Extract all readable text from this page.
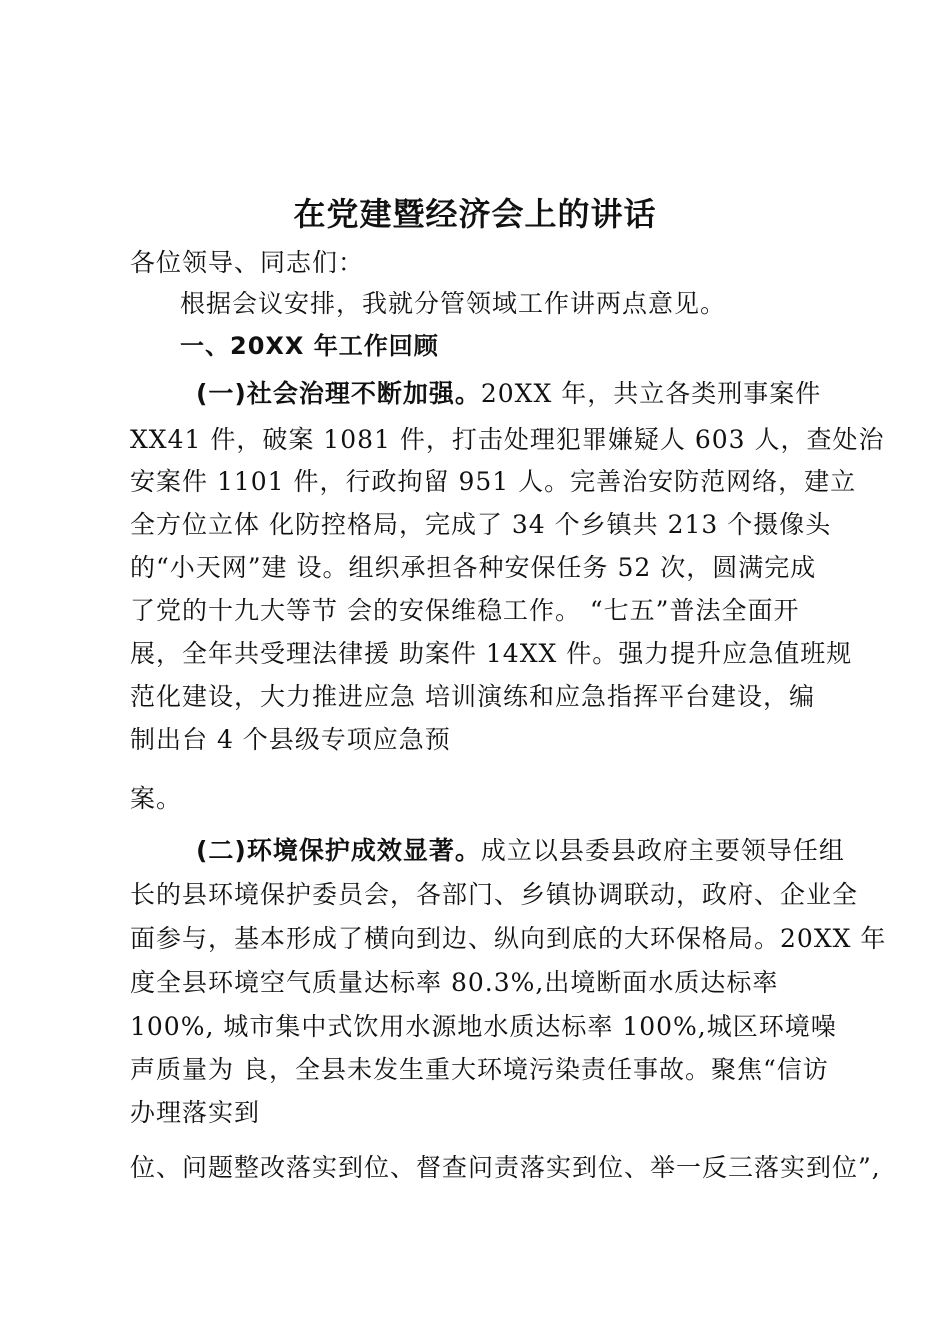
在党建暨经济会上的讲话
各位领导、同志们：
根据会议安排，我就分管领域工作讲两点意见。
一、20XX 年工作回顾
(一)社会治理不断加强。20XX 年，共立各类刑事案件
XX41 件，破案 1081 件，打击处理犯罪嫌疑人 603 人，查处治
安案件 1101 件，行政拘留 951 人。完善治安防范网络，建立
全方位立体 化防控格局，完成了 34 个乡镇共 213 个摄像头
的“小天网”建 设。组织承担各种安保任务 52 次，圆满完成
了党的十九大等节 会的安保维稳工作。 “七五”普法全面开
展，全年共受理法律援 助案件 14XX 件。强力提升应急值班规
范化建设，大力推进应急 培训演练和应急指挥平台建设，编
制出台 4 个县级专项应急预
案。
(二)环境保护成效显著。成立以县委县政府主要领导任组
长的县环境保护委员会，各部门、乡镇协调联动，政府、企业全
面参与，基本形成了横向到边、纵向到底的大环保格局。20XX 年
度全县环境空气质量达标率 80.3%,出境断面水质达标率
100%, 城市集中式饮用水源地水质达标率 100%,城区环境噪
声质量为 良，全县未发生重大环境污染责任事故。聚焦“信访
办理落实到
位、问题整改落实到位、督查问责落实到位、举一反三落实到位”,
